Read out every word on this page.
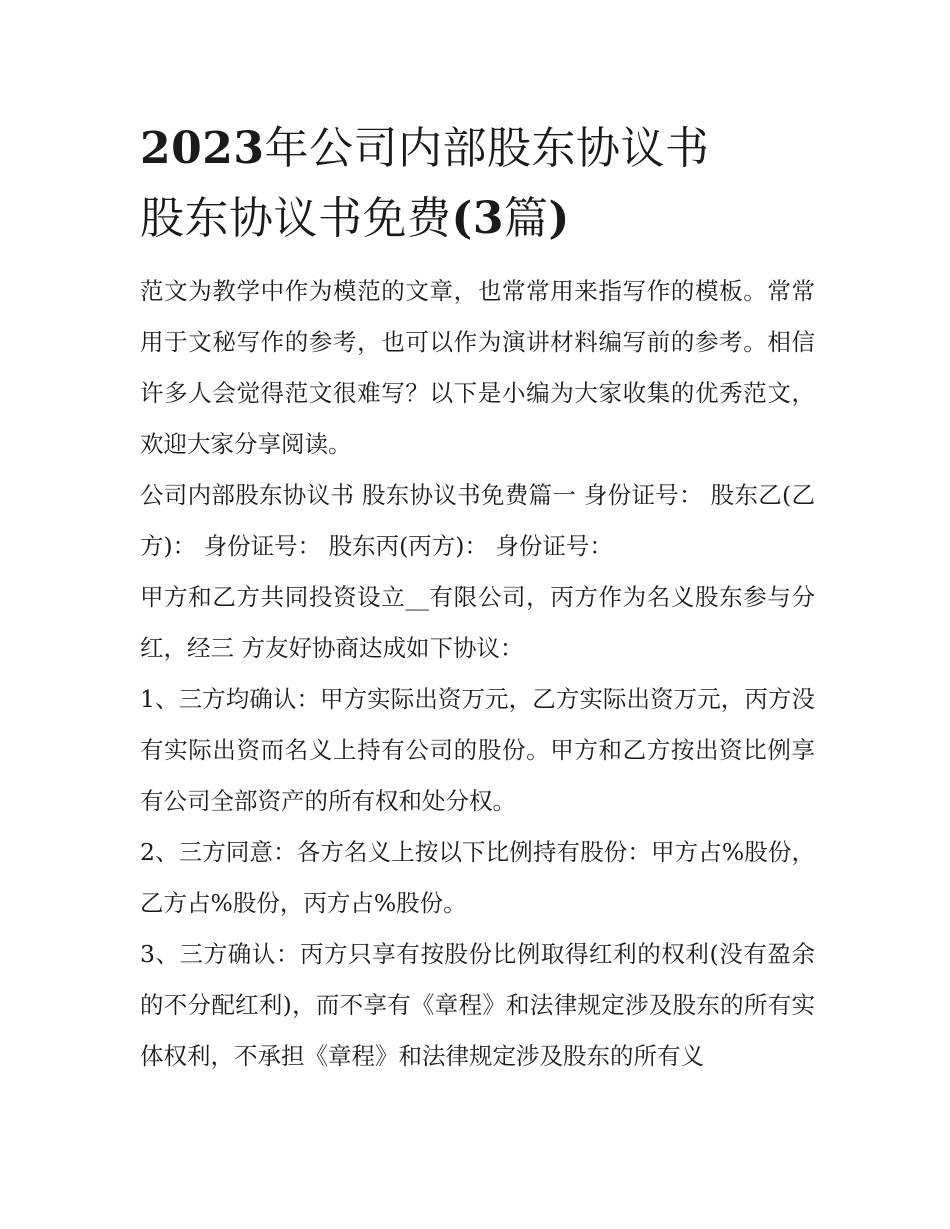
2023年公司内部股东协议书
股东协议书免费(3篇)

范文为教学中作为模范的文章，也常常用来指写作的模板。常常用于文秘写作的参考，也可以作为演讲材料编写前的参考。相信许多人会觉得范文很难写？以下是小编为大家收集的优秀范文，欢迎大家分享阅读。

公司内部股东协议书 股东协议书免费篇一 身份证号： 股东乙(乙方)： 身份证号： 股东丙(丙方)： 身份证号：

甲方和乙方共同投资设立__有限公司，丙方作为名义股东参与分红，经三 方友好协商达成如下协议：

1、三方均确认：甲方实际出资万元，乙方实际出资万元，丙方没有实际出资而名义上持有公司的股份。甲方和乙方按出资比例享有公司全部资产的所有权和处分权。

2、三方同意：各方名义上按以下比例持有股份：甲方占%股份，乙方占%股份，丙方占%股份。

3、三方确认：丙方只享有按股份比例取得红利的权利(没有盈余的不分配红利)，而不享有《章程》和法律规定涉及股东的所有实体权利，不承担《章程》和法律规定涉及股东的所有义
